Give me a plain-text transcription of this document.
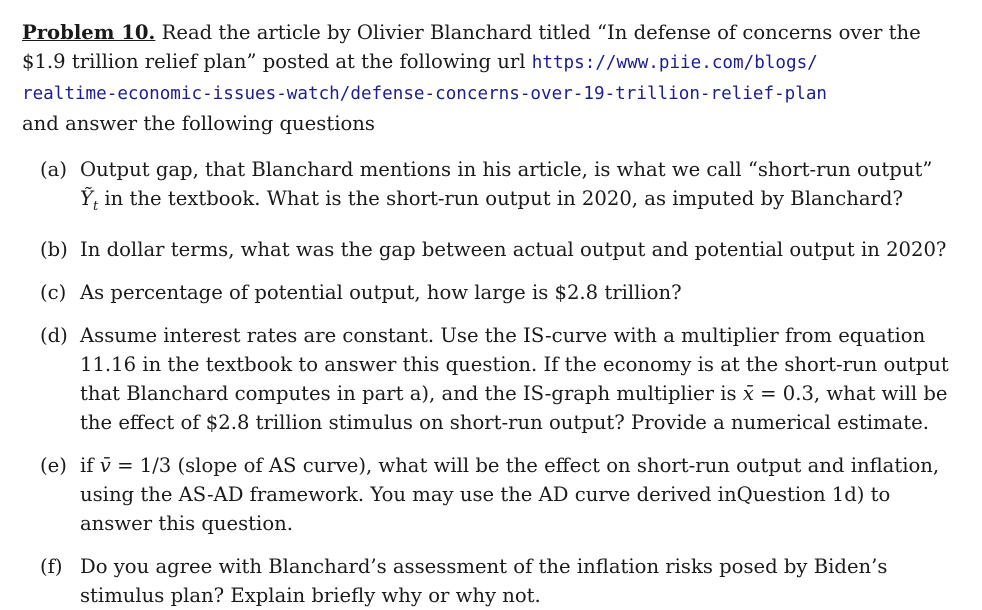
Problem 10. Read the article by Olivier Blanchard titled “In defense of concerns over the $1.9 trillion relief plan” posted at the following url https://www.piie.com/blogs/
realtime-economic-issues-watch/defense-concerns-over-19-trillion-relief-plan
and answer the following questions

(a) Output gap, that Blanchard mentions in his article, is what we call “short-run output”
Ỹ$_t$ in the textbook. What is the short-run output in 2020, as imputed by Blanchard?
(b) In dollar terms, what was the gap between actual output and potential output in 2020?
(c) As percentage of potential output, how large is $2.8 trillion?
(d) Assume interest rates are constant. Use the IS-curve with a multiplier from equation 11.16 in the textbook to answer this question. If the economy is at the short-run output that Blanchard computes in part a), and the IS-graph multiplier is x̄ = 0.3, what will be the effect of $2.8 trillion stimulus on short-run output? Provide a numerical estimate.
(e) if v̄ = 1/3 (slope of AS curve), what will be the effect on short-run output and inflation, using the AS-AD framework. You may use the AD curve derived inQuestion 1d) to answer this question.
(f) Do you agree with Blanchard’s assessment of the inflation risks posed by Biden’s stimulus plan? Explain briefly why or why not.
